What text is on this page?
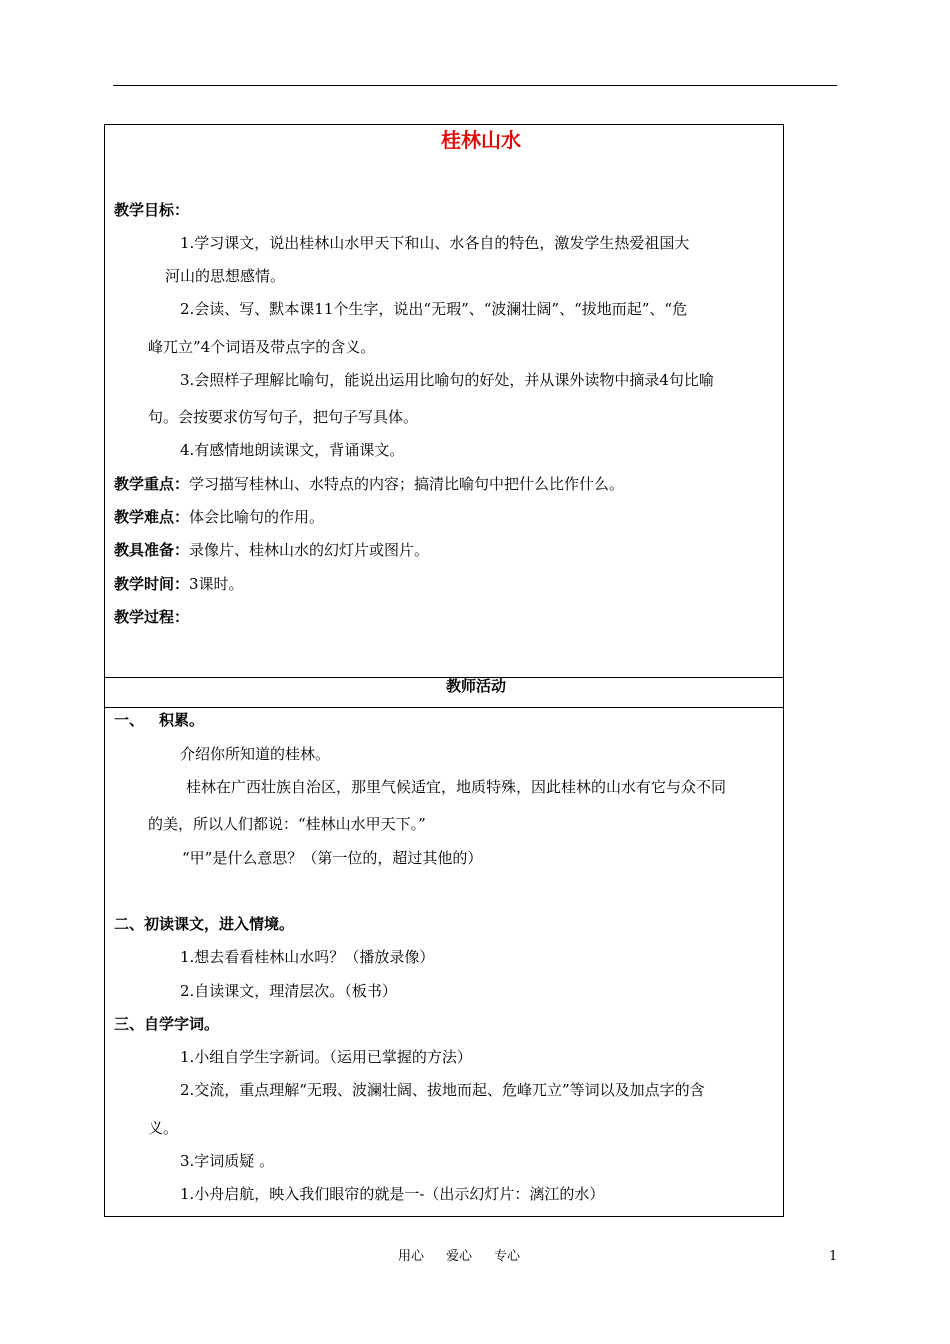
桂林山水
教学目标：
1.学习课文，说出桂林山水甲天下和山、水各自的特色，激发学生热爱祖国大
河山的思想感情。
2.会读、写、默本课11个生字，说出“无瑕”、“波澜壮阔”、“拔地而起”、“危
峰兀立”4个词语及带点字的含义。
3.会照样子理解比喻句，能说出运用比喻句的好处，并从课外读物中摘录4句比喻
句。会按要求仿写句子，把句子写具体。
4.有感情地朗读课文，背诵课文。
教学重点：学习描写桂林山、水特点的内容；搞清比喻句中把什么比作什么。
教学难点：体会比喻句的作用。
教具准备：录像片、桂林山水的幻灯片或图片。
教学时间：3课时。
教学过程：
教师活动
一、 积累。
介绍你所知道的桂林。
桂林在广西壮族自治区，那里气候适宜，地质特殊，因此桂林的山水有它与众不同
的美，所以人们都说：“桂林山水甲天下。”
“甲”是什么意思？（第一位的，超过其他的）
二、初读课文，进入情境。
1.想去看看桂林山水吗？（播放录像）
2.自读课文，理清层次。（板书）
三、自学字词。
1.小组自学生字新词。（运用已掌握的方法）
2.交流，重点理解“无瑕、波澜壮阔、拔地而起、危峰兀立”等词以及加点字的含
义。
3.字词质疑 。
1.小舟启航，映入我们眼帘的就是一-（出示幻灯片：漓江的水）
用心 爱心 专心	1
